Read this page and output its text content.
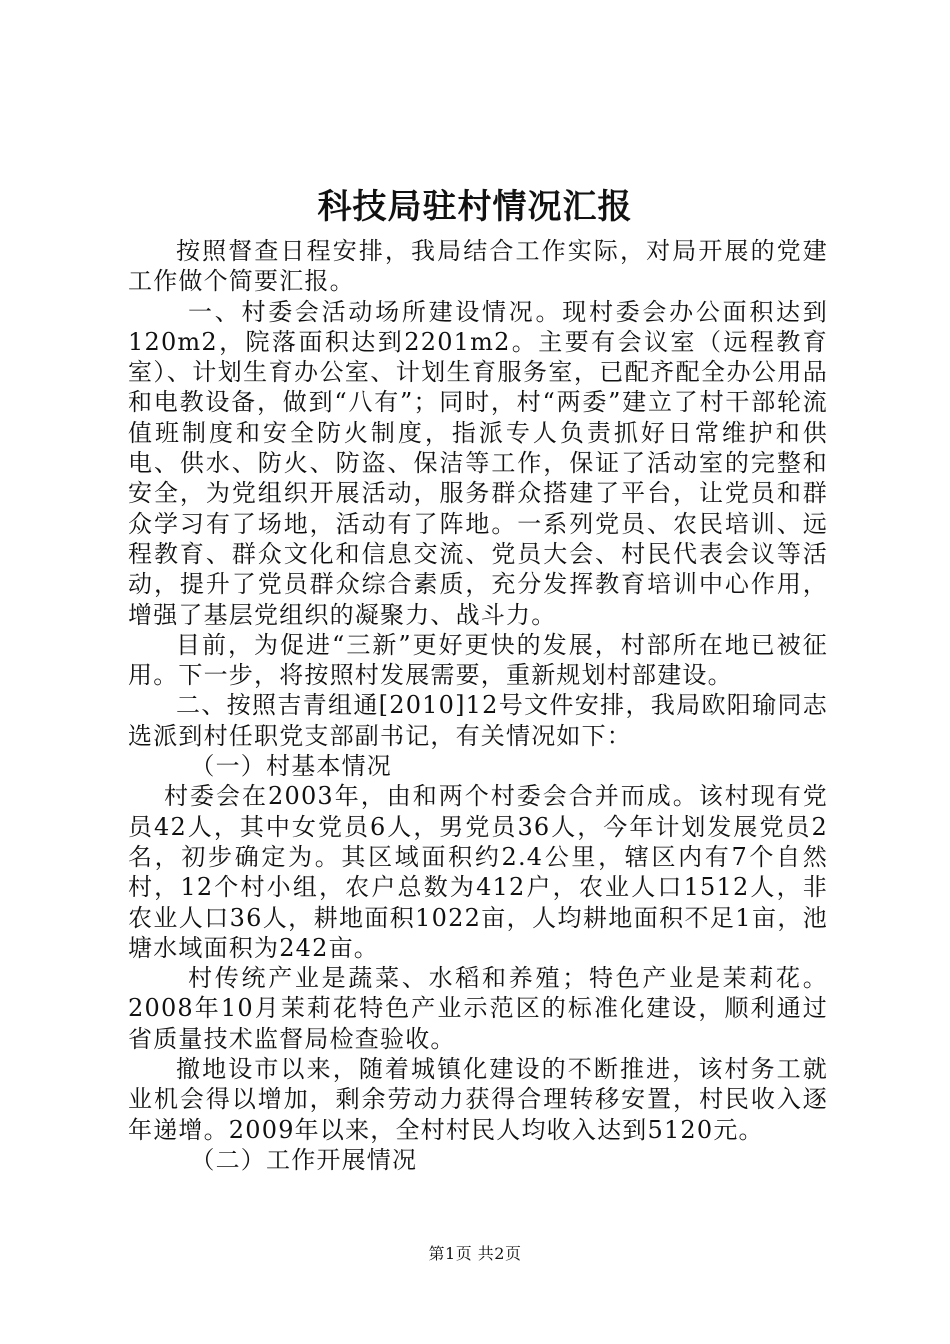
科技局驻村情况汇报

按照督查日程安排，我局结合工作实际，对局开展的党建工作做个简要汇报。

一、村委会活动场所建设情况。现村委会办公面积达到120m2，院落面积达到2201m2。主要有会议室（远程教育室）、计划生育办公室、计划生育服务室，已配齐配全办公用品和电教设备，做到“八有”；同时，村“两委”建立了村干部轮流值班制度和安全防火制度，指派专人负责抓好日常维护和供电、供水、防火、防盗、保洁等工作，保证了活动室的完整和安全，为党组织开展活动，服务群众搭建了平台，让党员和群众学习有了场地，活动有了阵地。一系列党员、农民培训、远程教育、群众文化和信息交流、党员大会、村民代表会议等活动，提升了党员群众综合素质，充分发挥教育培训中心作用，增强了基层党组织的凝聚力、战斗力。

目前，为促进“三新”更好更快的发展，村部所在地已被征用。下一步，将按照村发展需要，重新规划村部建设。

二、按照吉青组通[2010]12号文件安排，我局欧阳瑜同志选派到村任职党支部副书记，有关情况如下：

（一）村基本情况

村委会在2003年，由和两个村委会合并而成。该村现有党员42人，其中女党员6人，男党员36人，今年计划发展党员2名，初步确定为。其区域面积约2.4公里，辖区内有7个自然村，12个村小组，农户总数为412户，农业人口1512人，非农业人口36人，耕地面积1022亩，人均耕地面积不足1亩，池塘水域面积为242亩。

村传统产业是蔬菜、水稻和养殖；特色产业是茉莉花。2008年10月茉莉花特色产业示范区的标准化建设，顺利通过省质量技术监督局检查验收。

撤地设市以来，随着城镇化建设的不断推进，该村务工就业机会得以增加，剩余劳动力获得合理转移安置，村民收入逐年递增。2009年以来，全村村民人均收入达到5120元。

（二）工作开展情况

第1页 共2页
